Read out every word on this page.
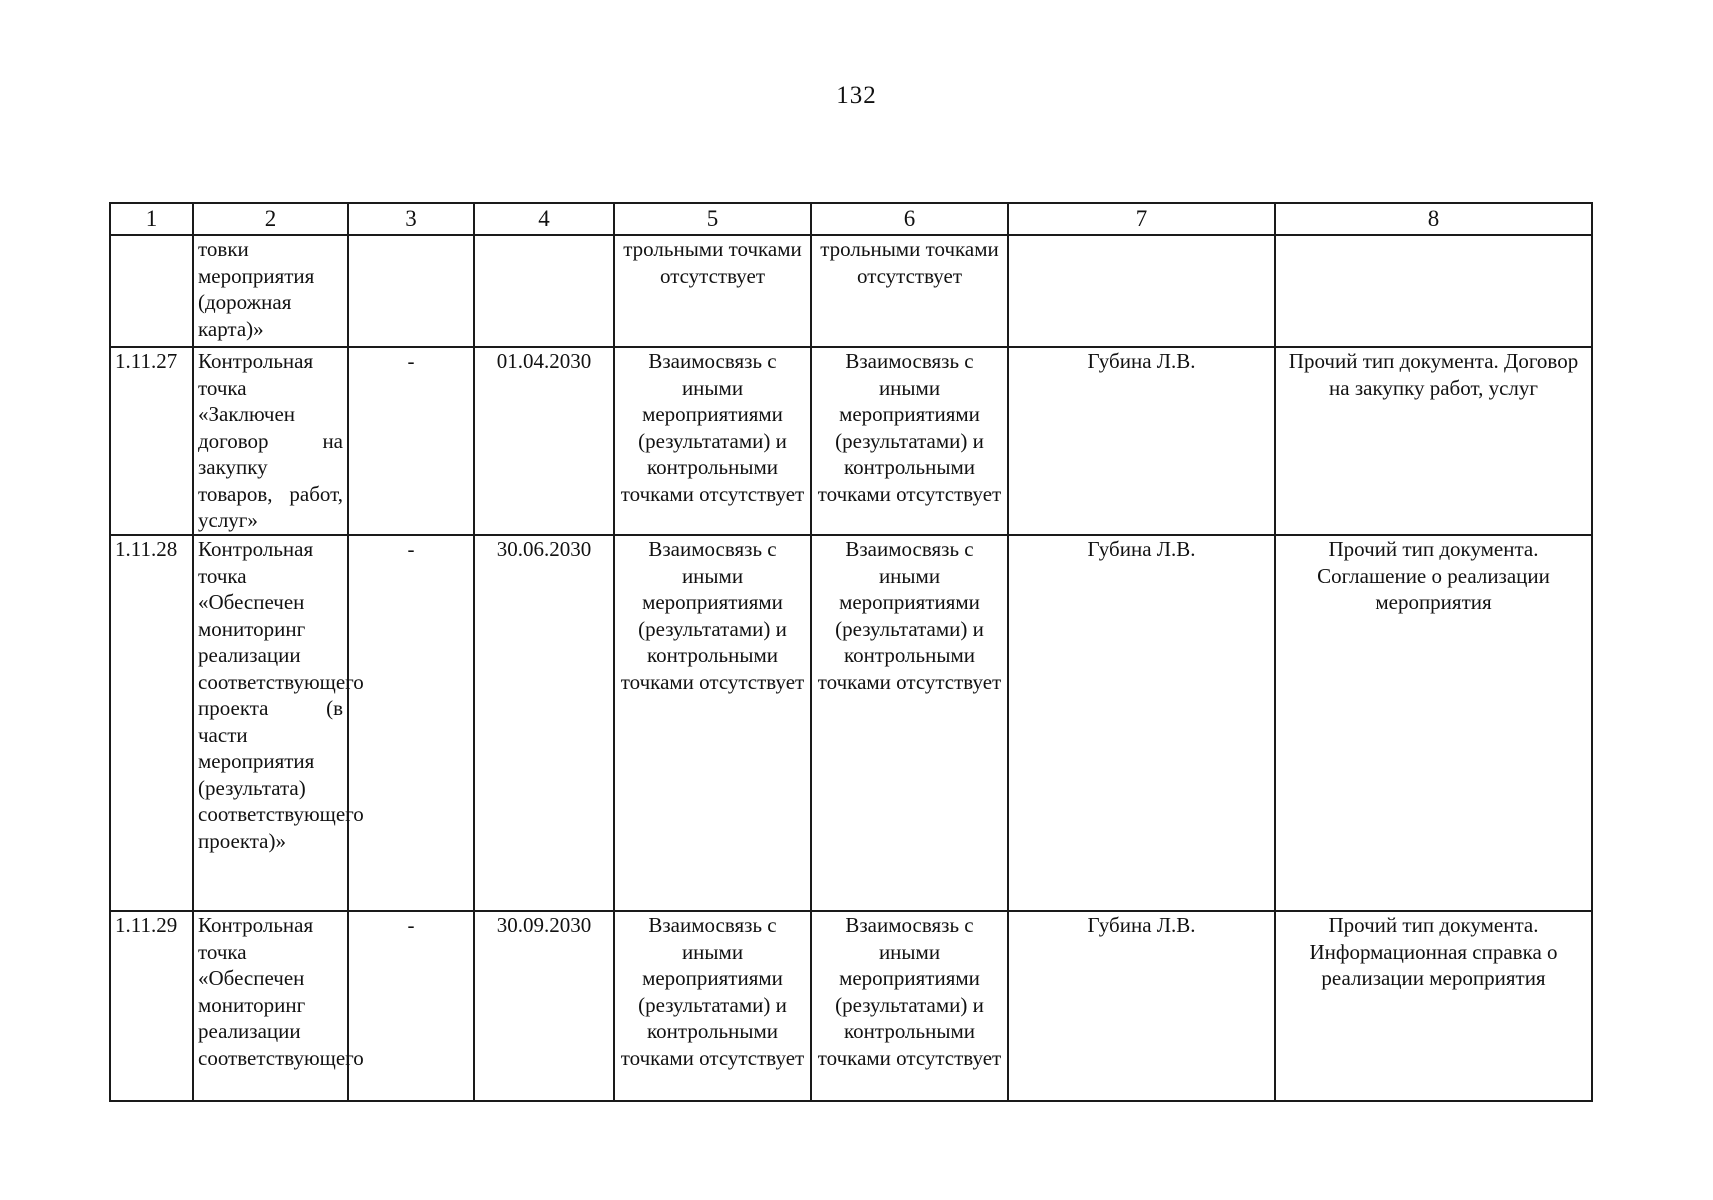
132
1	2	3	4	5	6	7	8
	товки мероприятия (дорожная карта)»			трольными точками отсутствует	трольными точками отсутствует		
1.11.27	Контрольная точка «Заключен договор на закупку товаров, работ, услуг»	-	01.04.2030	Взаимосвязь с иными мероприятиями (результатами) и контрольными точками отсутствует	Взаимосвязь с иными мероприятиями (результатами) и контрольными точками отсутствует	Губина Л.В.	Прочий тип документа. Договор на закупку работ, услуг
1.11.28	Контрольная точка «Обеспечен мониторинг реализации соответствующего проекта (в части мероприятия (результата) соответствующего проекта)»	-	30.06.2030	Взаимосвязь с иными мероприятиями (результатами) и контрольными точками отсутствует	Взаимосвязь с иными мероприятиями (результатами) и контрольными точками отсутствует	Губина Л.В.	Прочий тип документа. Соглашение о реализации мероприятия
1.11.29	Контрольная точка «Обеспечен мониторинг реализации соответствующего	-	30.09.2030	Взаимосвязь с иными мероприятиями (результатами) и контрольными точками отсутствует	Взаимосвязь с иными мероприятиями (результатами) и контрольными точками отсутствует	Губина Л.В.	Прочий тип документа. Информационная справка о реализации мероприятия
